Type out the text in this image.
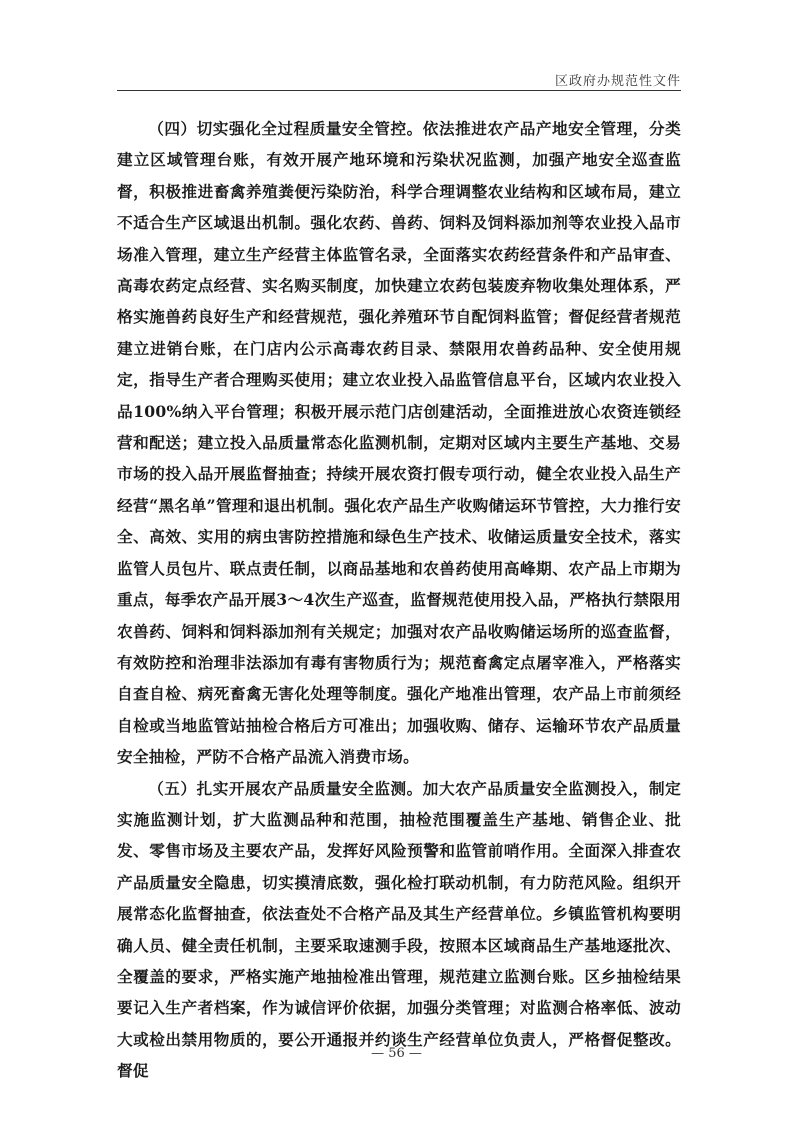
区政府办规范性文件

（四）切实强化全过程质量安全管控。依法推进农产品产地安全管理，分类建立区域管理台账，有效开展产地环境和污染状况监测，加强产地安全巡查监督，积极推进畜禽养殖粪便污染防治，科学合理调整农业结构和区域布局，建立不适合生产区域退出机制。强化农药、兽药、饲料及饲料添加剂等农业投入品市场准入管理，建立生产经营主体监管名录，全面落实农药经营条件和产品审查、高毒农药定点经营、实名购买制度，加快建立农药包装废弃物收集处理体系，严格实施兽药良好生产和经营规范，强化养殖环节自配饲料监管；督促经营者规范建立进销台账，在门店内公示高毒农药目录、禁限用农兽药品种、安全使用规定，指导生产者合理购买使用；建立农业投入品监管信息平台，区域内农业投入品100%纳入平台管理；积极开展示范门店创建活动，全面推进放心农资连锁经营和配送；建立投入品质量常态化监测机制，定期对区域内主要生产基地、交易市场的投入品开展监督抽查；持续开展农资打假专项行动，健全农业投入品生产经营“黑名单”管理和退出机制。强化农产品生产收购储运环节管控，大力推行安全、高效、实用的病虫害防控措施和绿色生产技术、收储运质量安全技术，落实监管人员包片、联点责任制，以商品基地和农兽药使用高峰期、农产品上市期为重点，每季农产品开展3～4次生产巡查，监督规范使用投入品，严格执行禁限用农兽药、饲料和饲料添加剂有关规定；加强对农产品收购储运场所的巡查监督，有效防控和治理非法添加有毒有害物质行为；规范畜禽定点屠宰准入，严格落实自查自检、病死畜禽无害化处理等制度。强化产地准出管理，农产品上市前须经自检或当地监管站抽检合格后方可准出；加强收购、储存、运输环节农产品质量安全抽检，严防不合格产品流入消费市场。

（五）扎实开展农产品质量安全监测。加大农产品质量安全监测投入，制定实施监测计划，扩大监测品种和范围，抽检范围覆盖生产基地、销售企业、批发、零售市场及主要农产品，发挥好风险预警和监管前哨作用。全面深入排查农产品质量安全隐患，切实摸清底数，强化检打联动机制，有力防范风险。组织开展常态化监督抽查，依法查处不合格产品及其生产经营单位。乡镇监管机构要明确人员、健全责任机制，主要采取速测手段，按照本区域商品生产基地逐批次、全覆盖的要求，严格实施产地抽检准出管理，规范建立监测台账。区乡抽检结果要记入生产者档案，作为诚信评价依据，加强分类管理；对监测合格率低、波动大或检出禁用物质的，要公开通报并约谈生产经营单位负责人，严格督促整改。督促

— 56 —
